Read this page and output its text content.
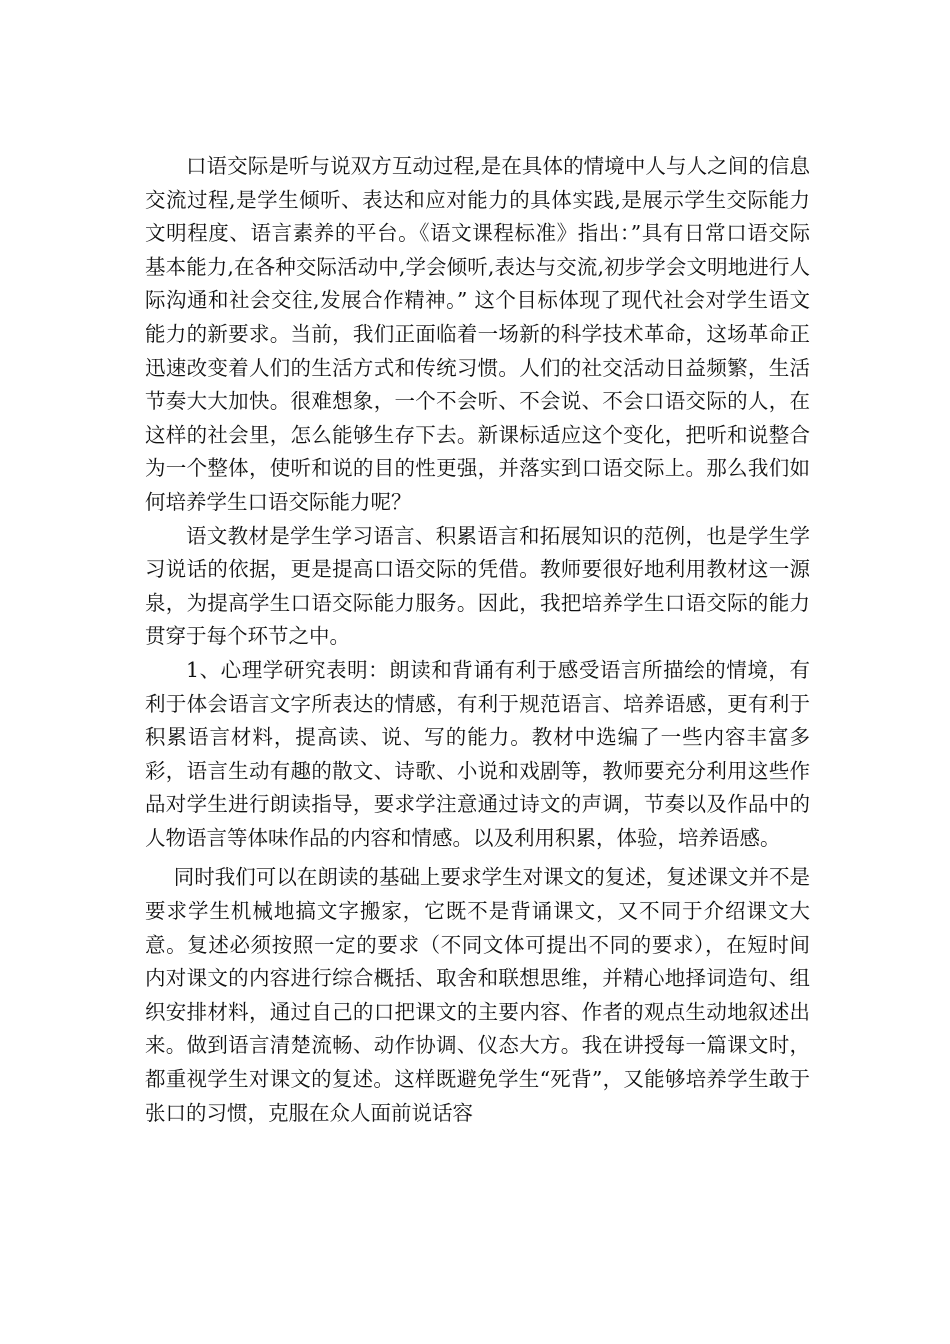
口语交际是听与说双方互动过程,是在具体的情境中人与人之间的信息交流过程,是学生倾听、表达和应对能力的具体实践,是展示学生交际能力文明程度、语言素养的平台。《语文课程标准》指出：”具有日常口语交际基本能力,在各种交际活动中,学会倾听,表达与交流,初步学会文明地进行人际沟通和社会交往,发展合作精神。” 这个目标体现了现代社会对学生语文能力的新要求。当前，我们正面临着一场新的科学技术革命，这场革命正迅速改变着人们的生活方式和传统习惯。人们的社交活动日益频繁，生活节奏大大加快。很难想象，一个不会听、不会说、不会口语交际的人，在这样的社会里，怎么能够生存下去。新课标适应这个变化，把听和说整合为一个整体，使听和说的目的性更强，并落实到口语交际上。那么我们如何培养学生口语交际能力呢？

语文教材是学生学习语言、积累语言和拓展知识的范例，也是学生学习说话的依据，更是提高口语交际的凭借。教师要很好地利用教材这一源泉，为提高学生口语交际能力服务。因此，我把培养学生口语交际的能力贯穿于每个环节之中。

1、心理学研究表明：朗读和背诵有利于感受语言所描绘的情境，有利于体会语言文字所表达的情感，有利于规范语言、培养语感，更有利于积累语言材料，提高读、说、写的能力。教材中选编了一些内容丰富多彩，语言生动有趣的散文、诗歌、小说和戏剧等，教师要充分利用这些作品对学生进行朗读指导，要求学注意通过诗文的声调，节奏以及作品中的人物语言等体味作品的内容和情感。以及利用积累，体验，培养语感。

同时我们可以在朗读的基础上要求学生对课文的复述，复述课文并不是要求学生机械地搞文字搬家，它既不是背诵课文，又不同于介绍课文大意。复述必须按照一定的要求（不同文体可提出不同的要求），在短时间内对课文的内容进行综合概括、取舍和联想思维，并精心地择词造句、组织安排材料，通过自己的口把课文的主要内容、作者的观点生动地叙述出来。做到语言清楚流畅、动作协调、仪态大方。我在讲授每一篇课文时，都重视学生对课文的复述。这样既避免学生“死背”，又能够培养学生敢于张口的习惯，克服在众人面前说话容
